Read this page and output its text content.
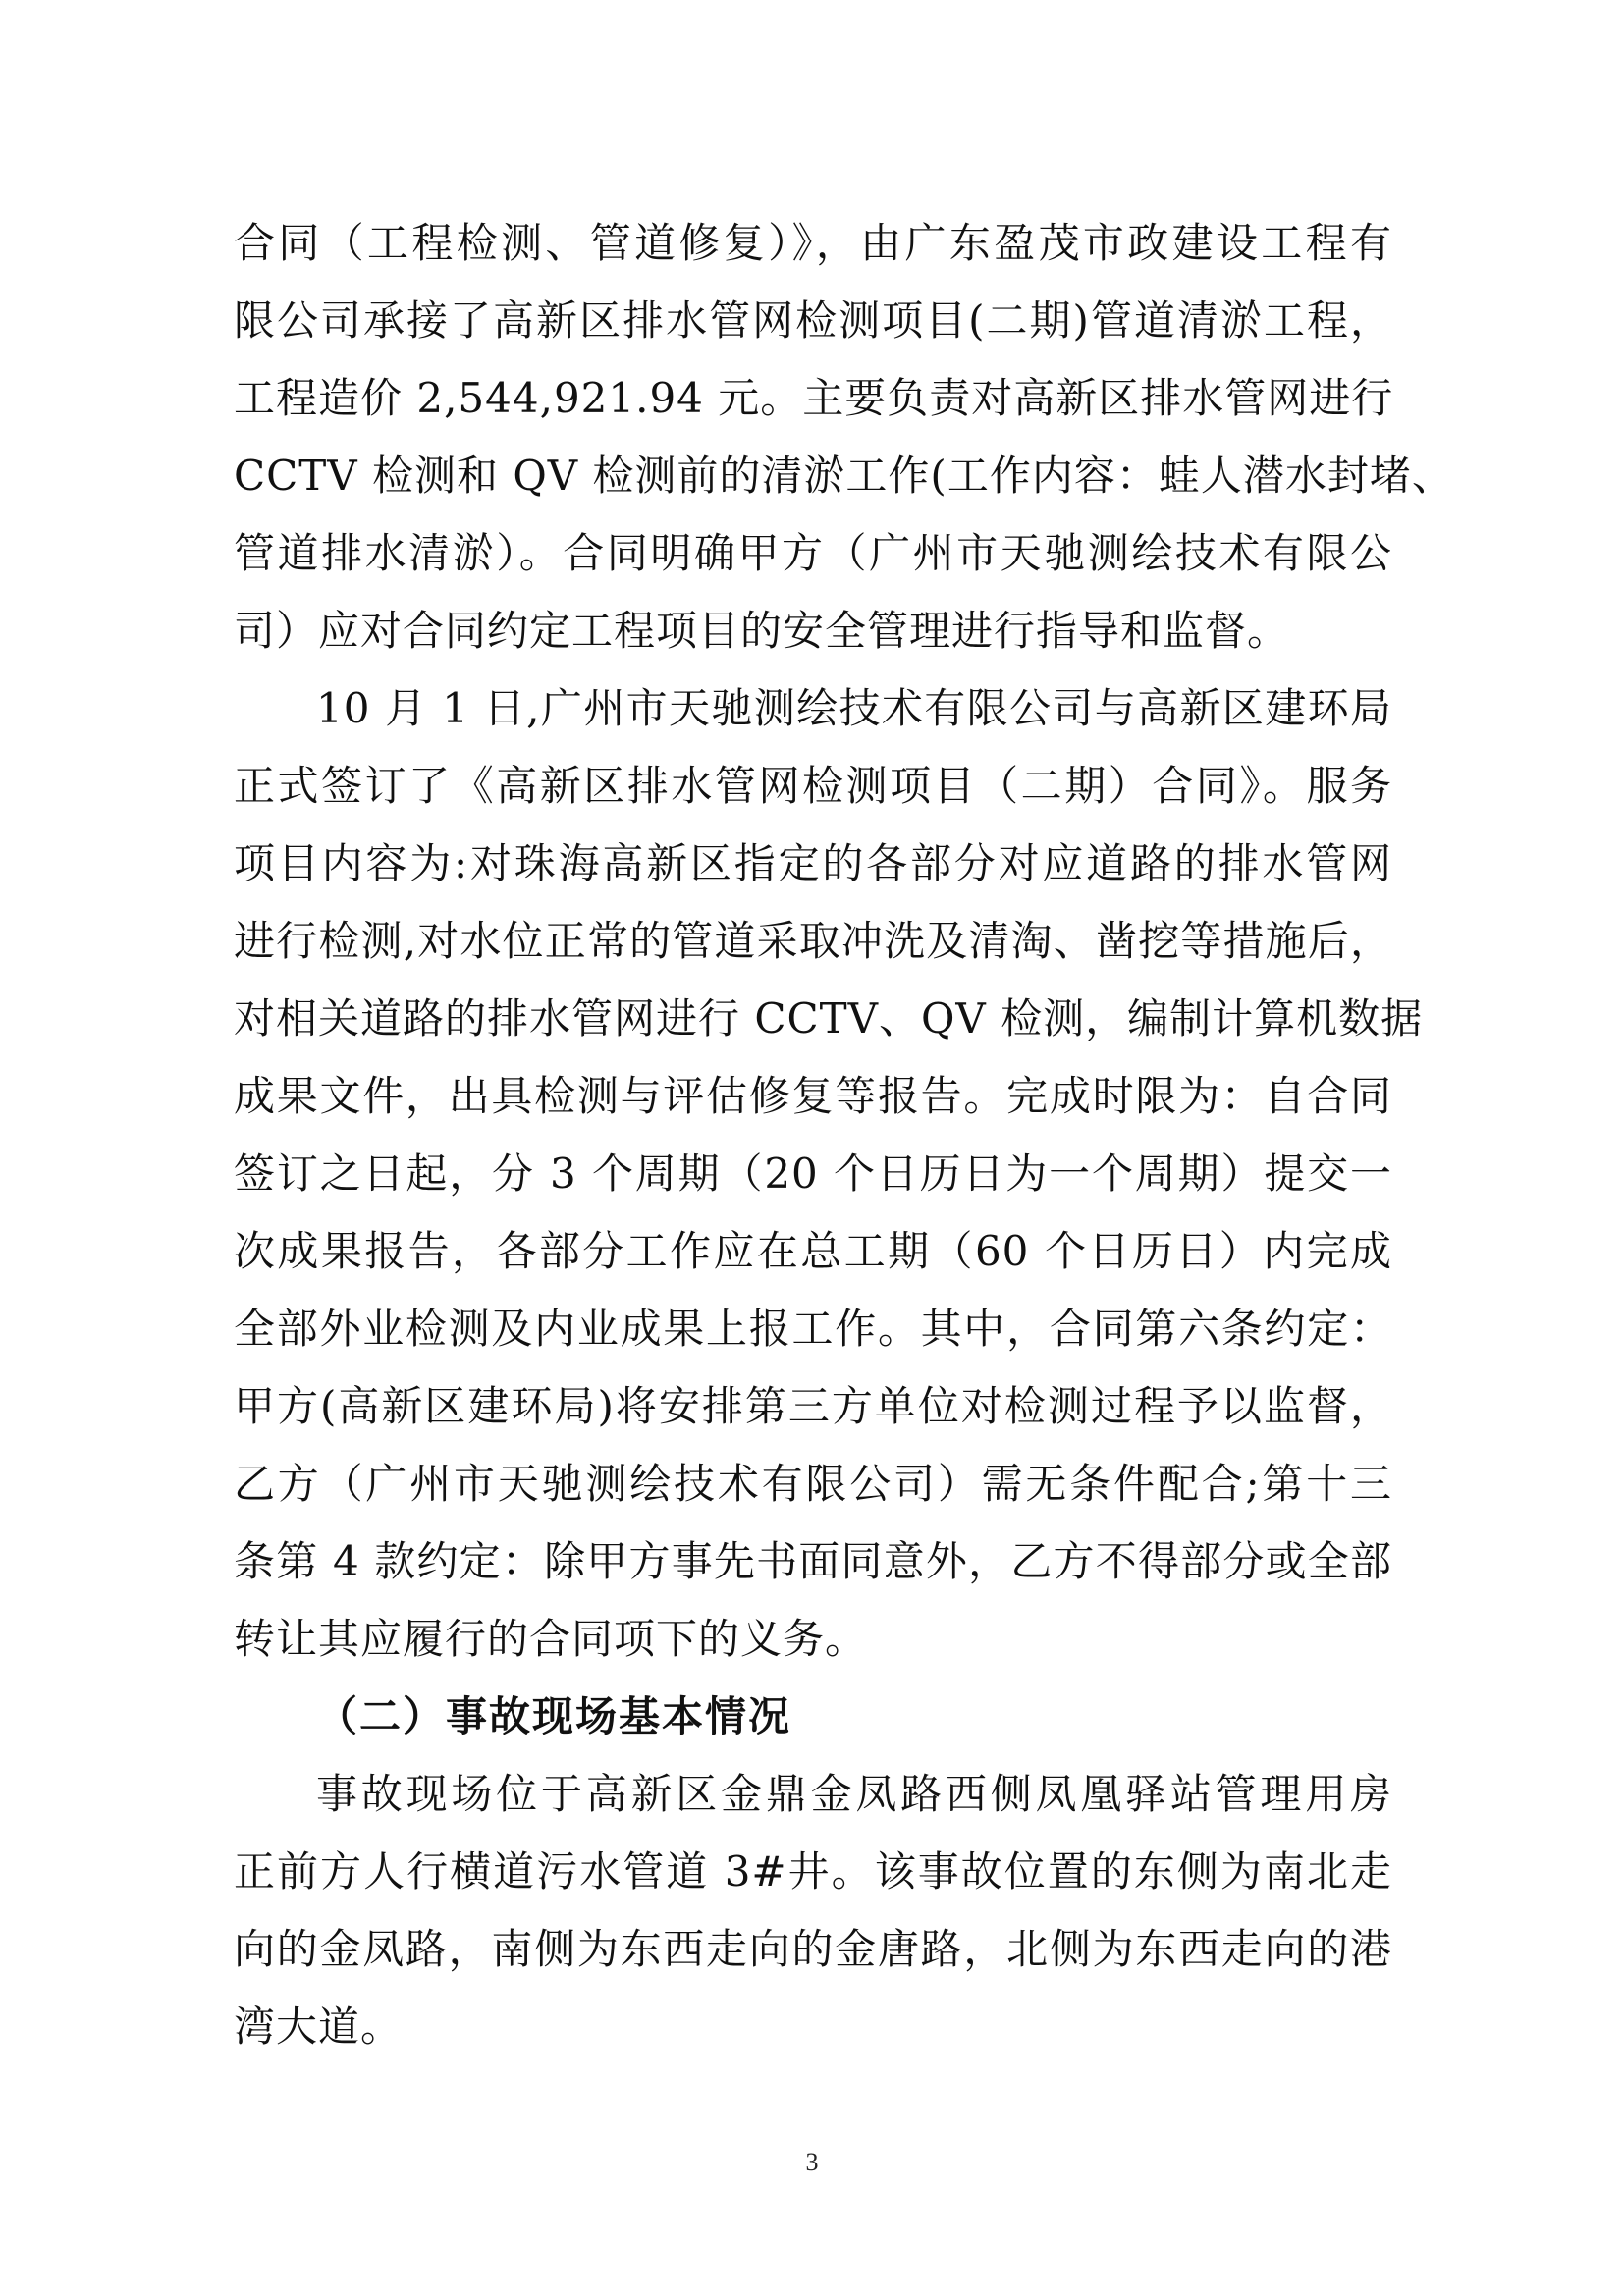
合同（工程检测、管道修复）》，由广东盈茂市政建设工程有
限公司承接了高新区排水管网检测项目(二期)管道清淤工程，
工程造价 2,544,921.94 元。主要负责对高新区排水管网进行
CCTV 检测和 QV 检测前的清淤工作(工作内容：蛙人潜水封堵、
管道排水清淤）。合同明确甲方（广州市天驰测绘技术有限公
司）应对合同约定工程项目的安全管理进行指导和监督。

10 月 1 日,广州市天驰测绘技术有限公司与高新区建环局
正式签订了《高新区排水管网检测项目（二期）合同》。服务
项目内容为:对珠海高新区指定的各部分对应道路的排水管网
进行检测,对水位正常的管道采取冲洗及清淘、凿挖等措施后，
对相关道路的排水管网进行 CCTV、QV 检测，编制计算机数据
成果文件，出具检测与评估修复等报告。完成时限为：自合同
签订之日起，分 3 个周期（20 个日历日为一个周期）提交一
次成果报告，各部分工作应在总工期（60 个日历日）内完成
全部外业检测及内业成果上报工作。其中，合同第六条约定：
甲方(高新区建环局)将安排第三方单位对检测过程予以监督，
乙方（广州市天驰测绘技术有限公司）需无条件配合;第十三
条第 4 款约定：除甲方事先书面同意外，乙方不得部分或全部
转让其应履行的合同项下的义务。

（二）事故现场基本情况

事故现场位于高新区金鼎金凤路西侧凤凰驿站管理用房
正前方人行横道污水管道 3#井。该事故位置的东侧为南北走
向的金凤路，南侧为东西走向的金唐路，北侧为东西走向的港
湾大道。

3
